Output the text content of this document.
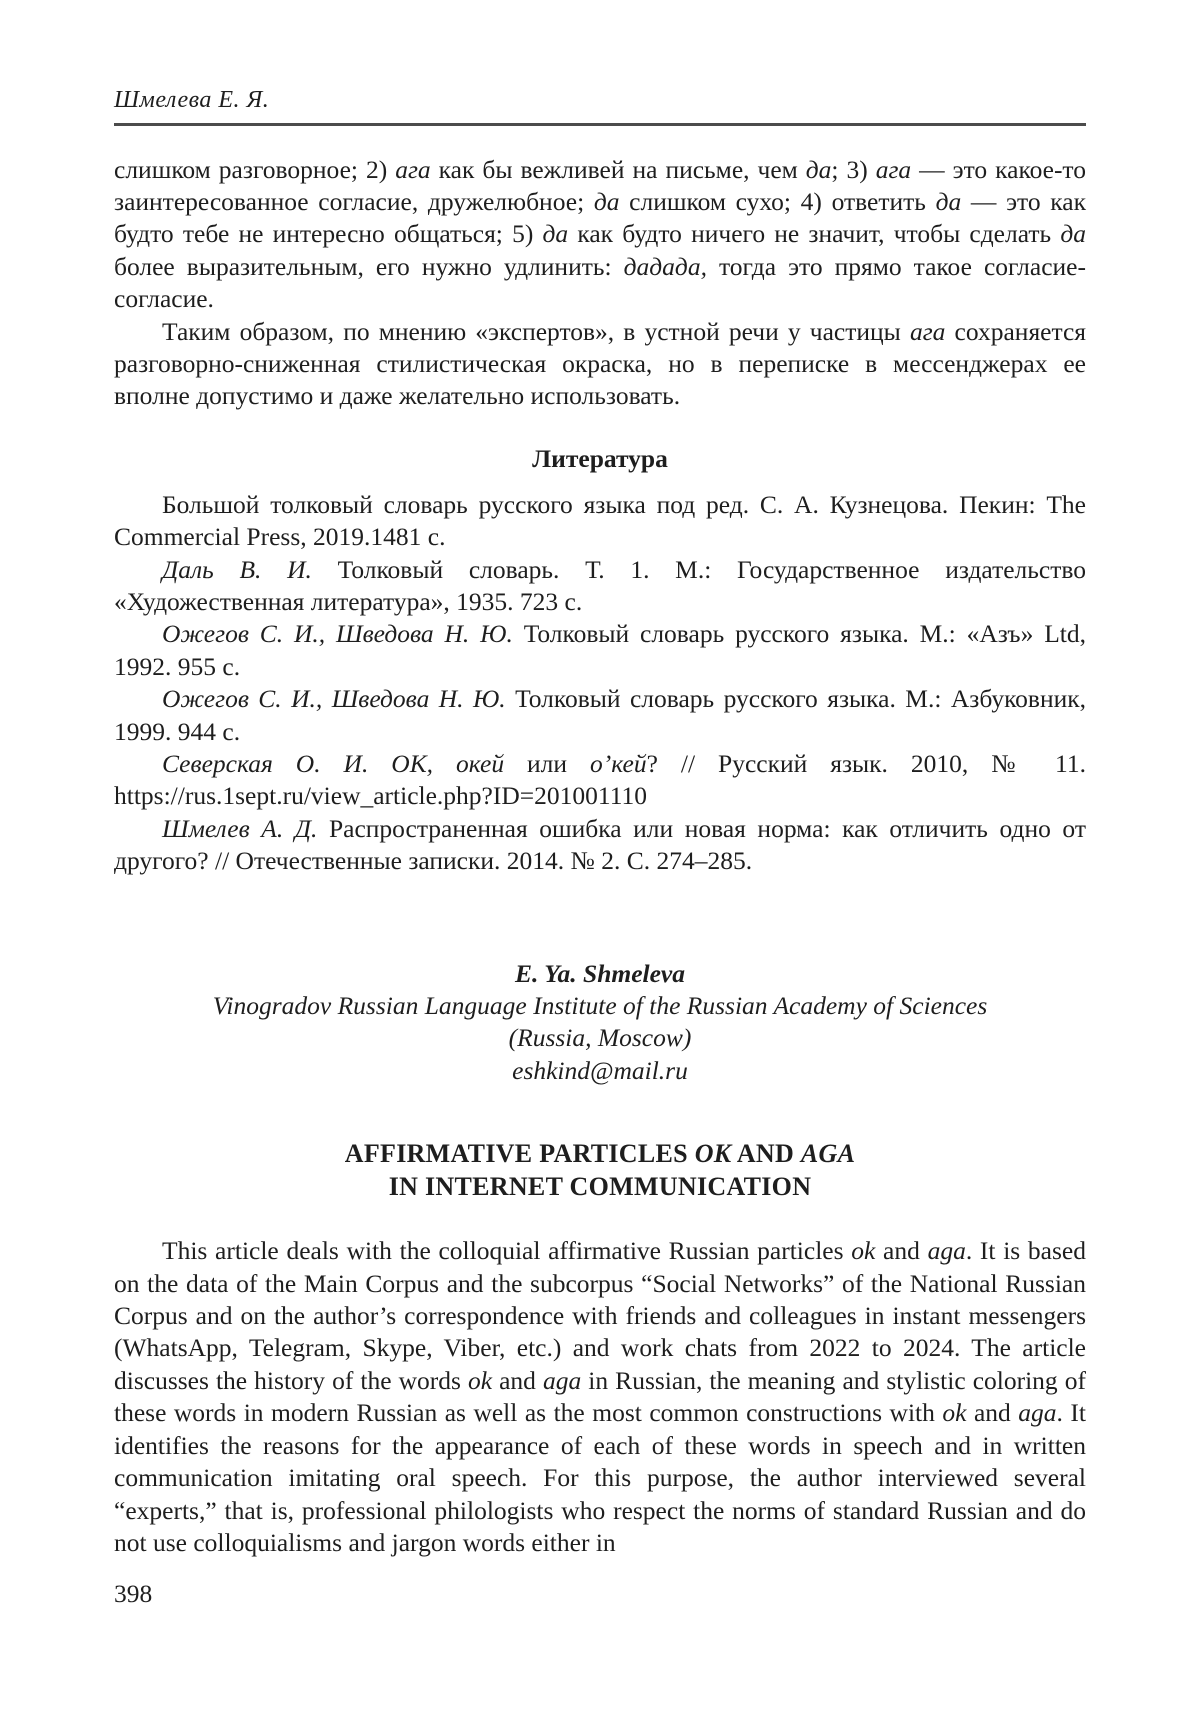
Шмелева Е. Я.

слишком разговорное; 2) ага как бы вежливей на письме, чем да; 3) ага — это какое-то заинтересованное согласие, дружелюбное; да слишком сухо; 4) ответить да — это как будто тебе не интересно общаться; 5) да как будто ничего не значит, чтобы сделать да более выразительным, его нужно удлинить: дадада, тогда это прямо такое согласие-согласие.

Таким образом, по мнению «экспертов», в устной речи у частицы ага сохраняется разговорно-сниженная стилистическая окраска, но в переписке в мессенджерах ее вполне допустимо и даже желательно использовать.

Литература

Большой толковый словарь русского языка под ред. С. А. Кузнецова. Пекин: The Commercial Press, 2019.1481 с.

Даль В. И. Толковый словарь. Т. 1. М.: Государственное издательство «Художественная литература», 1935. 723 с.

Ожегов С. И., Шведова Н. Ю. Толковый словарь русского языка. М.: «Азъ» Ltd, 1992. 955 с.

Ожегов С. И., Шведова Н. Ю. Толковый словарь русского языка. М.: Азбуковник, 1999. 944 с.

Северская О. И. ОК, окей или о’кей? // Русский язык. 2010, № 11. https://rus.1sept.ru/view_article.php?ID=201001110

Шмелев А. Д. Распространенная ошибка или новая норма: как отличить одно от другого? // Отечественные записки. 2014. № 2. С. 274–285.

E. Ya. Shmeleva
Vinogradov Russian Language Institute of the Russian Academy of Sciences
(Russia, Moscow)
eshkind@mail.ru
AFFIRMATIVE PARTICLES OK AND AGA
IN INTERNET COMMUNICATION

This article deals with the colloquial affirmative Russian particles ok and aga. It is based on the data of the Main Corpus and the subcorpus “Social Networks” of the National Russian Corpus and on the author’s correspondence with friends and colleagues in instant messengers (WhatsApp, Telegram, Skype, Viber, etc.) and work chats from 2022 to 2024. The article discusses the history of the words ok and aga in Russian, the meaning and stylistic coloring of these words in modern Russian as well as the most common constructions with ok and aga. It identifies the reasons for the appearance of each of these words in speech and in written communication imitating oral speech. For this purpose, the author interviewed several “experts,” that is, professional philologists who respect the norms of standard Russian and do not use colloquialisms and jargon words either in

398
